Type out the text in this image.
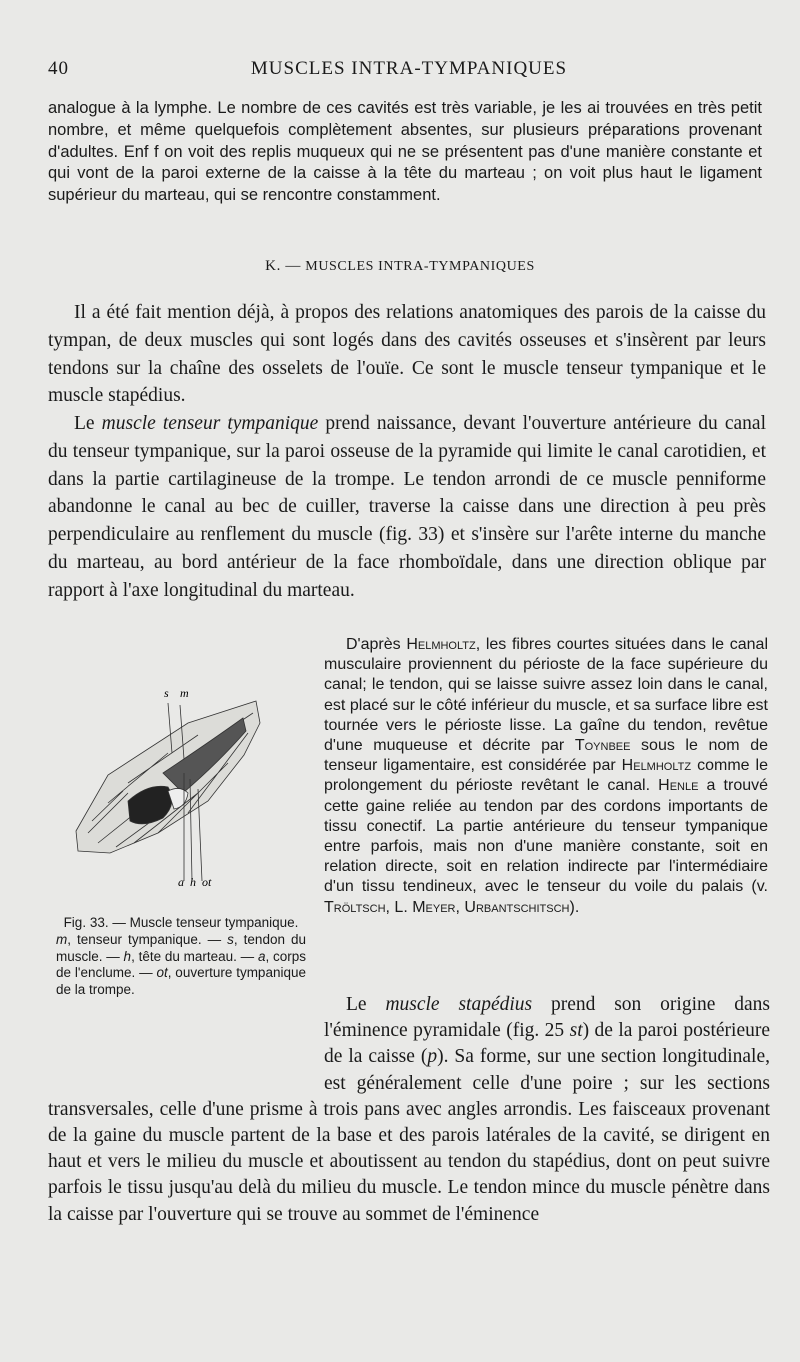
40	MUSCLES INTRA-TYMPANIQUES

analogue à la lymphe. Le nombre de ces cavités est très variable, je les ai trouvées en très petit nombre, et même quelquefois complètement absentes, sur plusieurs préparations provenant d'adultes. Enf f on voit des replis muqueux qui ne se présentent pas d'une manière constante et qui vont de la paroi externe de la caisse à la tête du marteau ; on voit plus haut le ligament supérieur du marteau, qui se rencontre constamment.

K. — MUSCLES INTRA-TYMPANIQUES

Il a été fait mention déjà, à propos des relations anatomiques des parois de la caisse du tympan, de deux muscles qui sont logés dans des cavités osseuses et s'insèrent par leurs tendons sur la chaîne des osselets de l'ouïe. Ce sont le muscle tenseur tympanique et le muscle stapédius.

Le muscle tenseur tympanique prend naissance, devant l'ouverture antérieure du canal du tenseur tympanique, sur la paroi osseuse de la pyramide qui limite le canal carotidien, et dans la partie cartilagineuse de la trompe. Le tendon arrondi de ce muscle penniforme abandonne le canal au bec de cuiller, traverse la caisse dans une direction à peu près perpendiculaire au renflement du muscle (fig. 33) et s'insère sur l'arête interne du manche du marteau, au bord antérieur de la face rhomboïdale, dans une direction oblique par rapport à l'axe longitudinal du marteau.

s m
a h ot
Fig. 33. — Muscle tenseur tympanique.
m, tenseur tympanique. — s, tendon du muscle. — h, tête du marteau. — a, corps de l'enclume. — ot, ouverture tympanique de la trompe.

D'après Helmholtz, les fibres courtes situées dans le canal musculaire proviennent du périoste de la face supérieure du canal; le tendon, qui se laisse suivre assez loin dans le canal, est placé sur le côté inférieur du muscle, et sa surface libre est tournée vers le périoste lisse. La gaîne du tendon, revêtue d'une muqueuse et décrite par Toynbee sous le nom de tenseur ligamentaire, est considérée par Helmholtz comme le prolongement du périoste revêtant le canal. Henle a trouvé cette gaine reliée au tendon par des cordons importants de tissu conectif. La partie antérieure du tenseur tympanique entre parfois, mais non d'une manière constante, soit en relation directe, soit en relation indirecte par l'intermédiaire d'un tissu tendineux, avec le tenseur du voile du palais (v. Tröltsch, L. Meyer, Urbantschitsch).

Le muscle stapédius prend son origine dans l'éminence pyramidale (fig. 25 st) de la paroi postérieure de la caisse (p). Sa forme, sur une section longitudinale, est généralement celle d'une poire ; sur les sections transversales, celle d'une prisme à trois pans avec angles arrondis. Les faisceaux provenant de la gaine du muscle partent de la base et des parois latérales de la cavité, se dirigent en haut et vers le milieu du muscle et aboutissent au tendon du stapédius, dont on peut suivre parfois le tissu jusqu'au delà du milieu du muscle. Le tendon mince du muscle pénètre dans la caisse par l'ouverture qui se trouve au sommet de l'éminence
